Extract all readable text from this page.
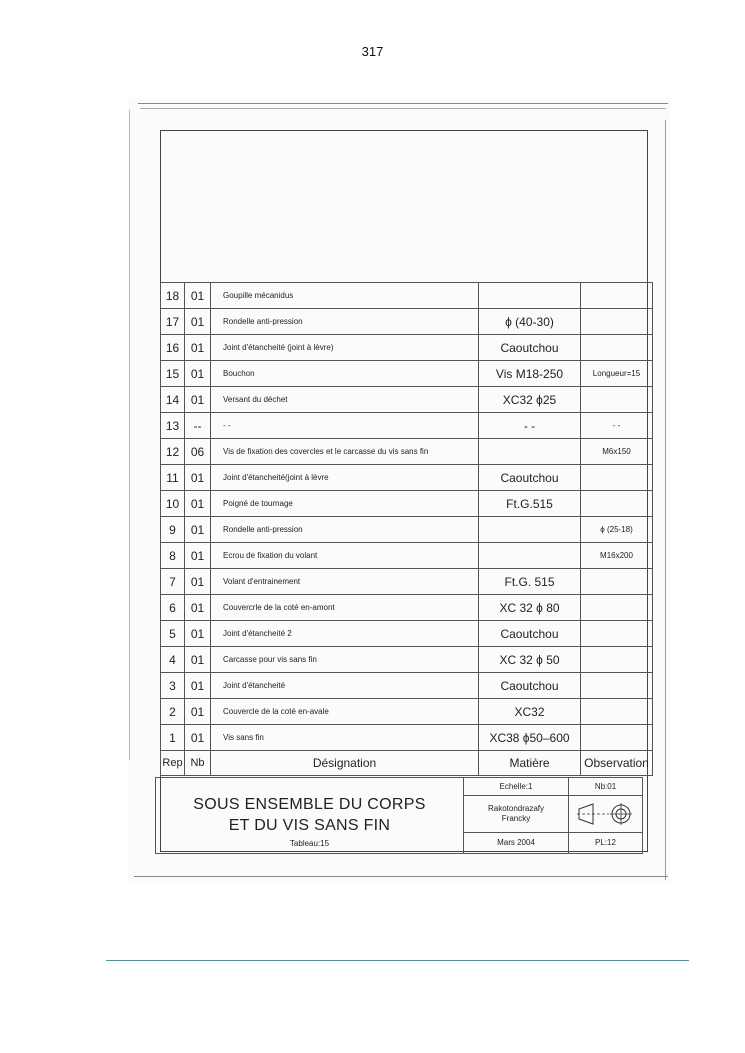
317
18	01	Goupille mécanidus		
17	01	Rondelle anti-pression	ϕ (40-30)	
16	01	Joint d'étancheité (joint à lèvre)	Caoutchou	
15	01	Bouchon	Vis M18-250	Longueur=15
14	01	Versant du déchet	XC32 ϕ25	
13	--	- -	- -	- -
12	06	Vis de fixation des covercles et le carcasse du vis sans fin		M6x150
11	01	Joint d'étancheité(joint à lèvre	Caoutchou	
10	01	Poigné de tournage	Ft.G.515	
9	01	Rondelle anti-pression		ϕ (25-18)
8	01	Ecrou de fixation du volant		M16x200
7	01	Volant d'entrainement	Ft.G. 515	
6	01	Couvercrle de la coté en-amont	XC 32 ϕ 80	
5	01	Joint d'étancheité 2	Caoutchou	
4	01	Carcasse pour vis sans fin	XC 32 ϕ 50	
3	01	Joint d'étancheité	Caoutchou	
2	01	Couvercle de la coté en-avale	XC32	
1	01	Vis sans fin	XC38 ϕ50–600	
Rep	Nb	Désignation	Matière	Observation
SOUS ENSEMBLE DU CORPS
ET DU VIS SANS FIN
Tableau:15
Echelle:1
Rakotondrazafy
Francky
Mars 2004
Nb:01
PL:12
